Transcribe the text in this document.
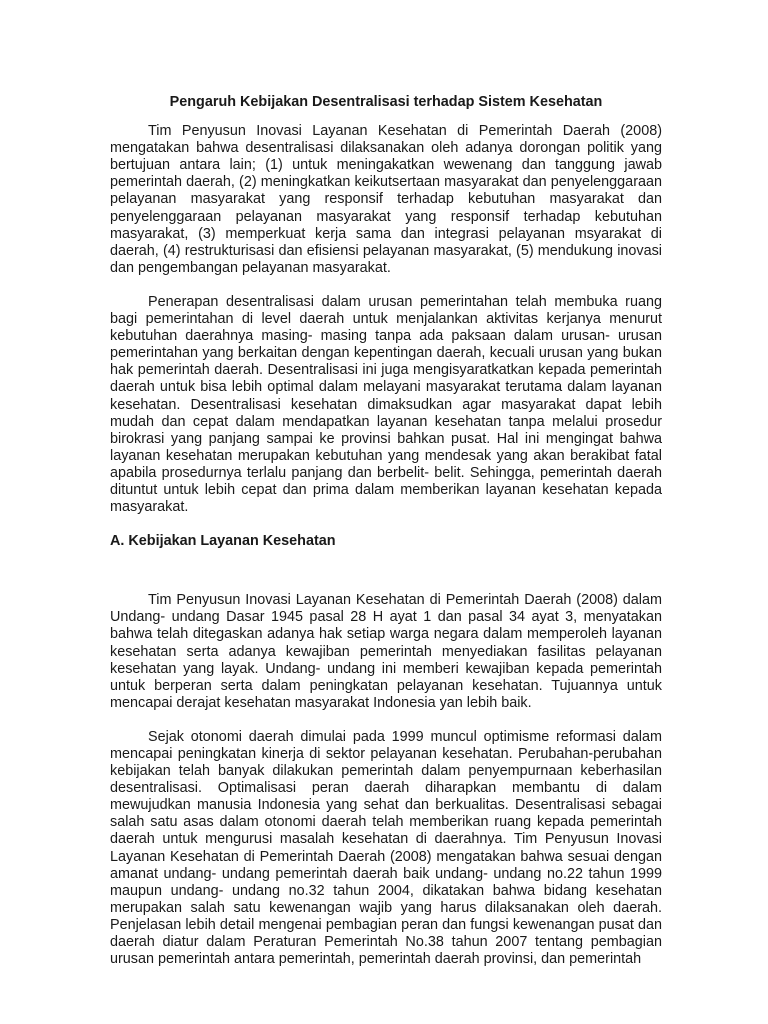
Pengaruh Kebijakan Desentralisasi terhadap Sistem Kesehatan

Tim Penyusun Inovasi Layanan Kesehatan di Pemerintah Daerah (2008) mengatakan bahwa desentralisasi dilaksanakan oleh adanya dorongan politik yang bertujuan antara lain; (1) untuk meningakatkan wewenang dan tanggung jawab pemerintah daerah, (2) meningkatkan keikutsertaan masyarakat dan penyelenggaraan pelayanan masyarakat yang responsif terhadap kebutuhan masyarakat dan penyelenggaraan pelayanan masyarakat yang responsif terhadap kebutuhan masyarakat, (3) memperkuat kerja sama dan integrasi pelayanan msyarakat di daerah, (4) restrukturisasi dan efisiensi pelayanan masyarakat, (5) mendukung inovasi dan pengembangan pelayanan masyarakat.

Penerapan desentralisasi dalam urusan pemerintahan telah membuka ruang bagi pemerintahan di level daerah untuk menjalankan aktivitas kerjanya menurut kebutuhan daerahnya masing- masing tanpa ada paksaan dalam urusan- urusan pemerintahan yang berkaitan dengan kepentingan daerah, kecuali urusan yang bukan hak pemerintah daerah. Desentralisasi ini juga mengisyaratkatkan kepada pemerintah daerah untuk bisa lebih optimal dalam melayani masyarakat terutama dalam layanan kesehatan. Desentralisasi kesehatan dimaksudkan agar masyarakat dapat lebih mudah dan cepat dalam mendapatkan layanan kesehatan tanpa melalui prosedur birokrasi yang panjang sampai ke provinsi bahkan pusat. Hal ini mengingat bahwa layanan kesehatan merupakan kebutuhan yang mendesak yang akan berakibat fatal apabila prosedurnya terlalu panjang dan berbelit- belit. Sehingga, pemerintah daerah dituntut untuk lebih cepat dan prima dalam memberikan layanan kesehatan kepada masyarakat.

A. Kebijakan Layanan Kesehatan

Tim Penyusun Inovasi Layanan Kesehatan di Pemerintah Daerah (2008) dalam Undang- undang Dasar 1945 pasal 28 H ayat 1 dan pasal 34 ayat 3, menyatakan bahwa telah ditegaskan adanya hak setiap warga negara dalam memperoleh layanan kesehatan serta adanya kewajiban pemerintah menyediakan fasilitas pelayanan kesehatan yang layak. Undang- undang ini memberi kewajiban kepada pemerintah untuk berperan serta dalam peningkatan pelayanan kesehatan. Tujuannya untuk mencapai derajat kesehatan masyarakat Indonesia yan lebih baik.

Sejak otonomi daerah dimulai pada 1999 muncul optimisme reformasi dalam mencapai peningkatan kinerja di sektor pelayanan kesehatan. Perubahan-perubahan kebijakan telah banyak dilakukan pemerintah dalam penyempurnaan keberhasilan desentralisasi. Optimalisasi peran daerah diharapkan membantu di dalam mewujudkan manusia Indonesia yang sehat dan berkualitas. Desentralisasi sebagai salah satu asas dalam otonomi daerah telah memberikan ruang kepada pemerintah daerah untuk mengurusi masalah kesehatan di daerahnya. Tim Penyusun Inovasi Layanan Kesehatan di Pemerintah Daerah (2008) mengatakan bahwa sesuai dengan amanat undang- undang pemerintah daerah baik undang- undang no.22 tahun 1999 maupun undang- undang no.32 tahun 2004, dikatakan bahwa bidang kesehatan merupakan salah satu kewenangan wajib yang harus dilaksanakan oleh daerah. Penjelasan lebih detail mengenai pembagian peran dan fungsi kewenangan pusat dan daerah diatur dalam Peraturan Pemerintah No.38 tahun 2007 tentang pembagian urusan pemerintah antara pemerintah, pemerintah daerah provinsi, dan pemerintah
